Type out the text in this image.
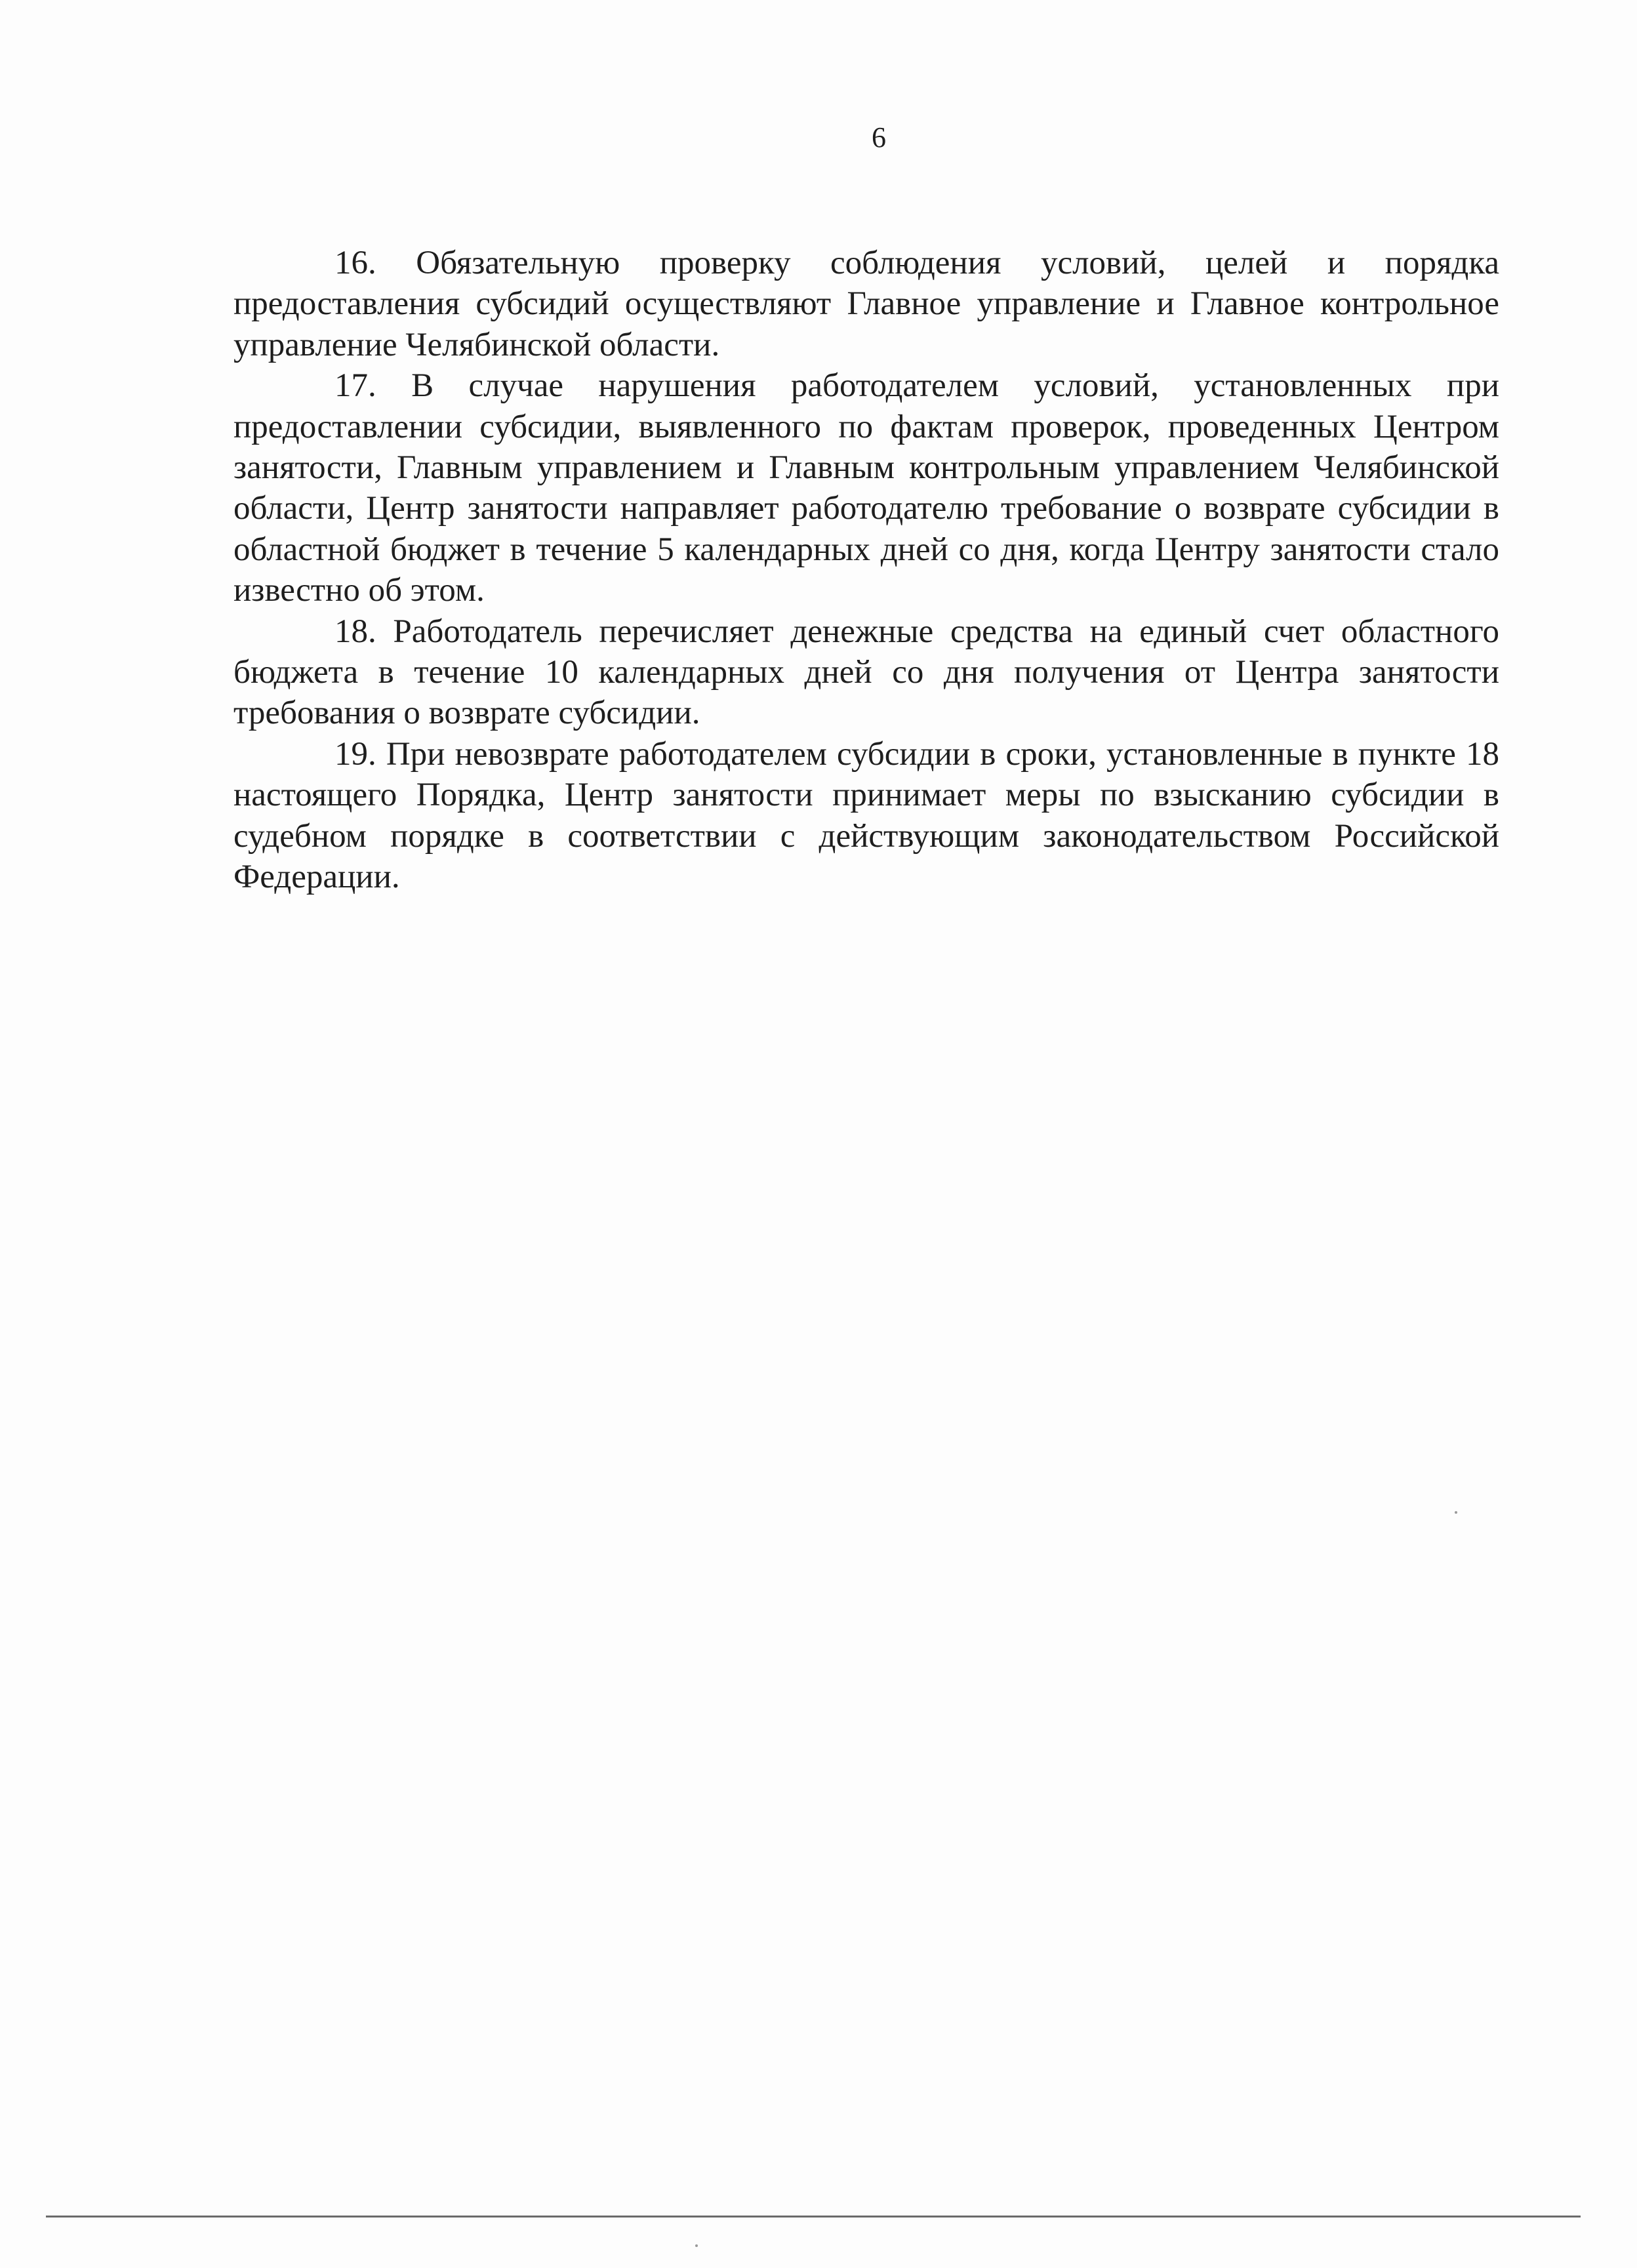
6

16. Обязательную проверку соблюдения условий, целей и порядка предоставления субсидий осуществляют Главное управление и Главное контрольное управление Челябинской области.

17. В случае нарушения работодателем условий, установленных при предоставлении субсидии, выявленного по фактам проверок, проведенных Центром занятости, Главным управлением и Главным контрольным управлением Челябинской области, Центр занятости направляет работодателю требование о возврате субсидии в областной бюджет в течение 5 календарных дней со дня, когда Центру занятости стало известно об этом.

18. Работодатель перечисляет денежные средства на единый счет областного бюджета в течение 10 календарных дней со дня получения от Центра занятости требования о возврате субсидии.

19. При невозврате работодателем субсидии в сроки, установленные в пункте 18 настоящего Порядка, Центр занятости принимает меры по взысканию субсидии в судебном порядке в соответствии с действующим законодательством Российской Федерации.
